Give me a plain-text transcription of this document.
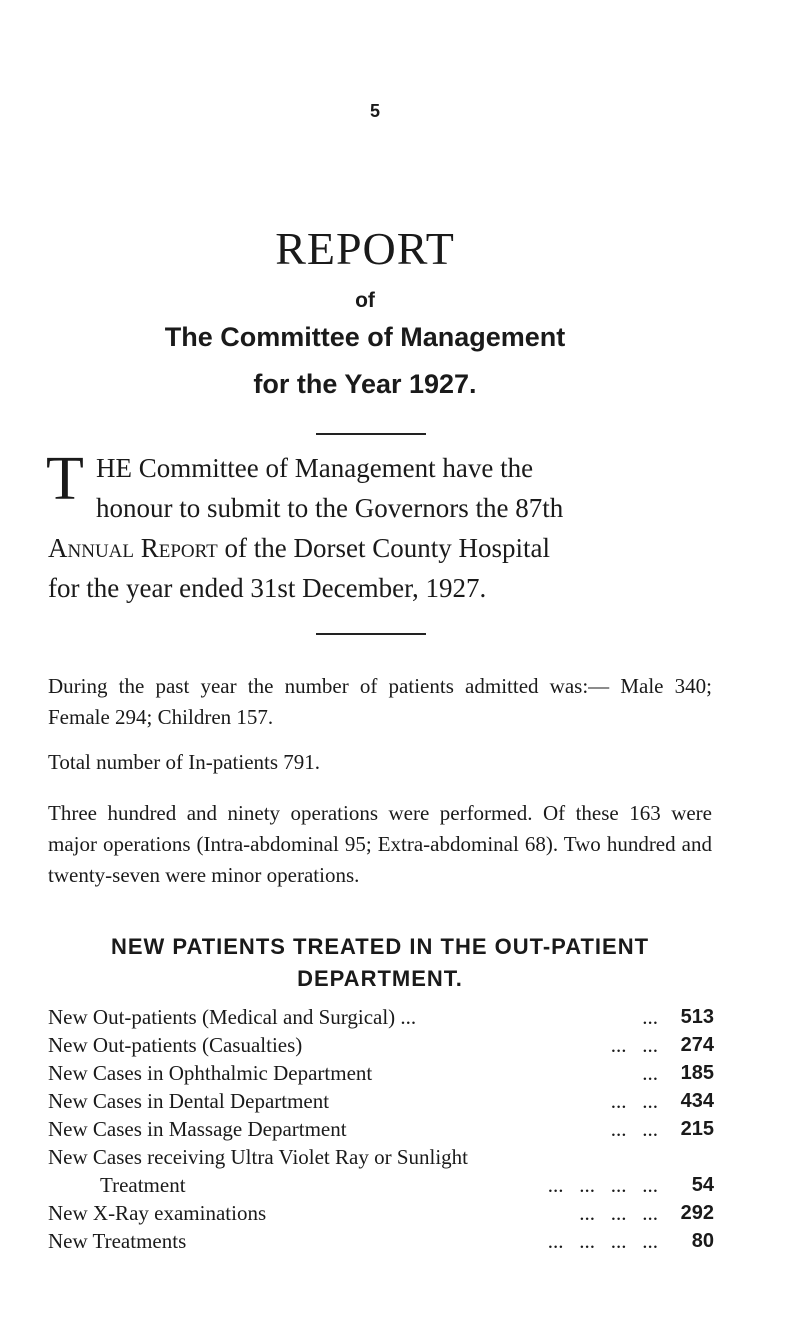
5
REPORT
of
The Committee of Management
for the Year 1927.
T HE Committee of Management have the
honour to submit to the Governors the 87th
Annual Report of the Dorset County Hospital
for the year ended 31st December, 1927.
During the past year the number of patients admitted was:— Male 340; Female 294; Children 157.
Total number of In-patients 791.
Three hundred and ninety operations were performed. Of these 163 were major operations (Intra-abdominal 95; Extra-abdominal 68). Two hundred and twenty-seven were minor operations.
NEW PATIENTS TREATED IN THE OUT-PATIENT DEPARTMENT.
New Out-patients (Medical and Surgical) ...	...	513
New Out-patients (Casualties)	...   ...	274
New Cases in Ophthalmic Department	...	185
New Cases in Dental Department	...   ...	434
New Cases in Massage Department	...   ...	215
New Cases receiving Ultra Violet Ray or Sunlight
Treatment	...   ...   ...   ...	54
New X-Ray examinations	...   ...   ...	292
New Treatments	...   ...   ...   ...	80
